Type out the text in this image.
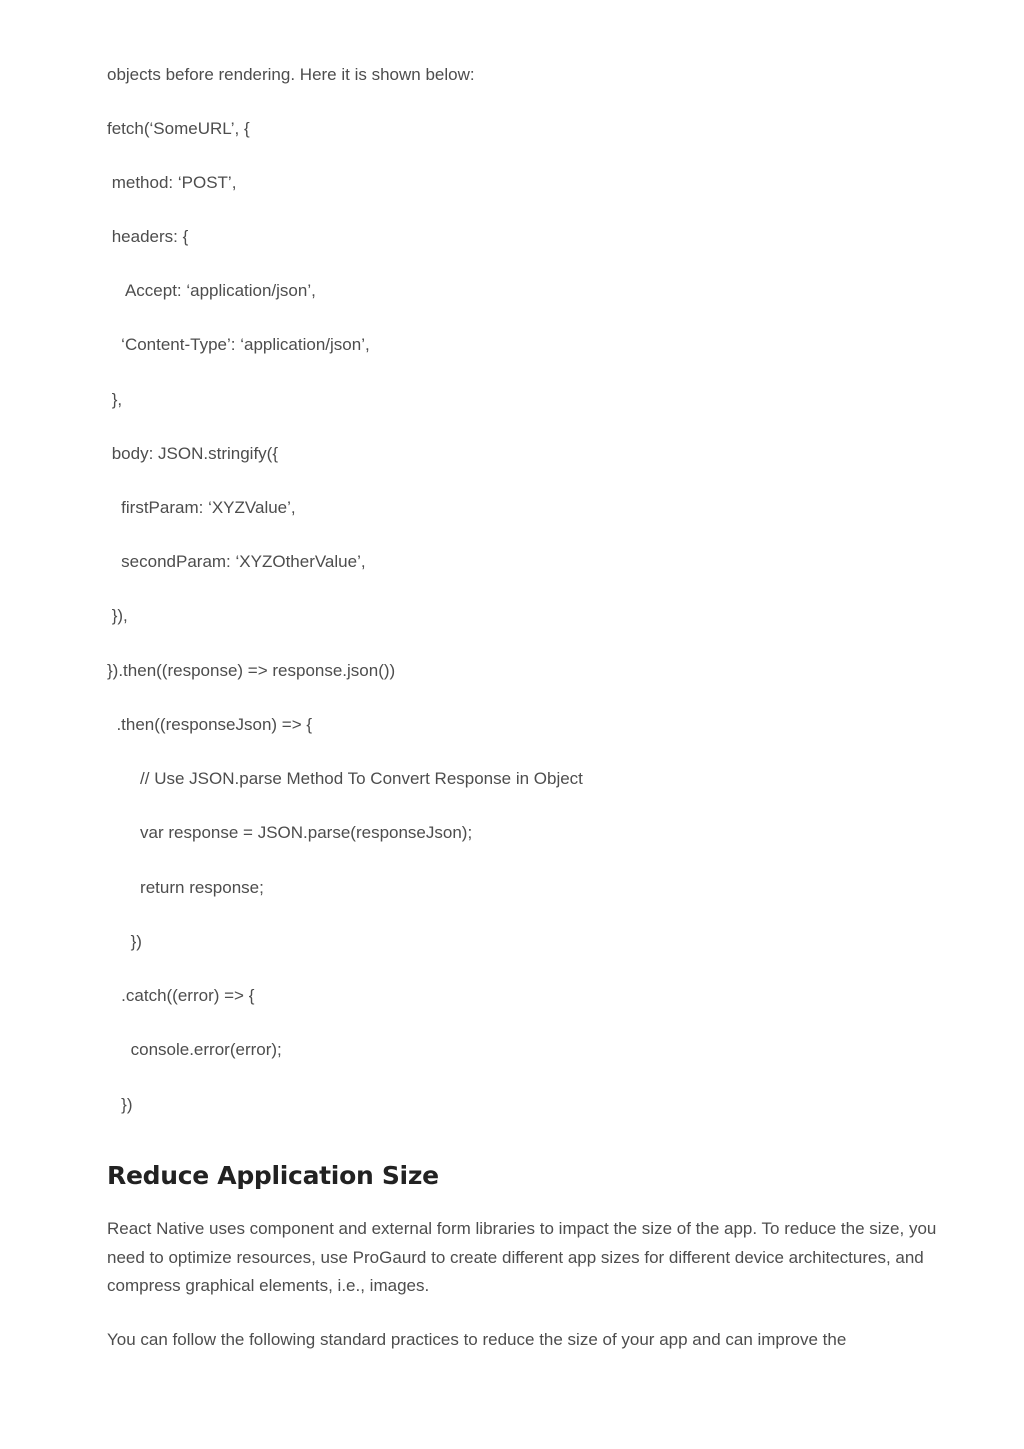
objects before rendering. Here it is shown below:
fetch(‘SomeURL’, {
method: ‘POST’,
headers: {
Accept: ‘application/json’,
‘Content-Type’: ‘application/json’,
},
body: JSON.stringify({
firstParam: ‘XYZValue’,
secondParam: ‘XYZOtherValue’,
}),
}).then((response) => response.json())
.then((responseJson) => {
// Use JSON.parse Method To Convert Response in Object
var response = JSON.parse(responseJson);
return response;
})
.catch((error) => {
console.error(error);
})
Reduce Application Size

React Native uses component and external form libraries to impact the size of the app. To reduce the size, you need to optimize resources, use ProGaurd to create different app sizes for different device architectures, and compress graphical elements, i.e., images.

You can follow the following standard practices to reduce the size of your app and can improve the
